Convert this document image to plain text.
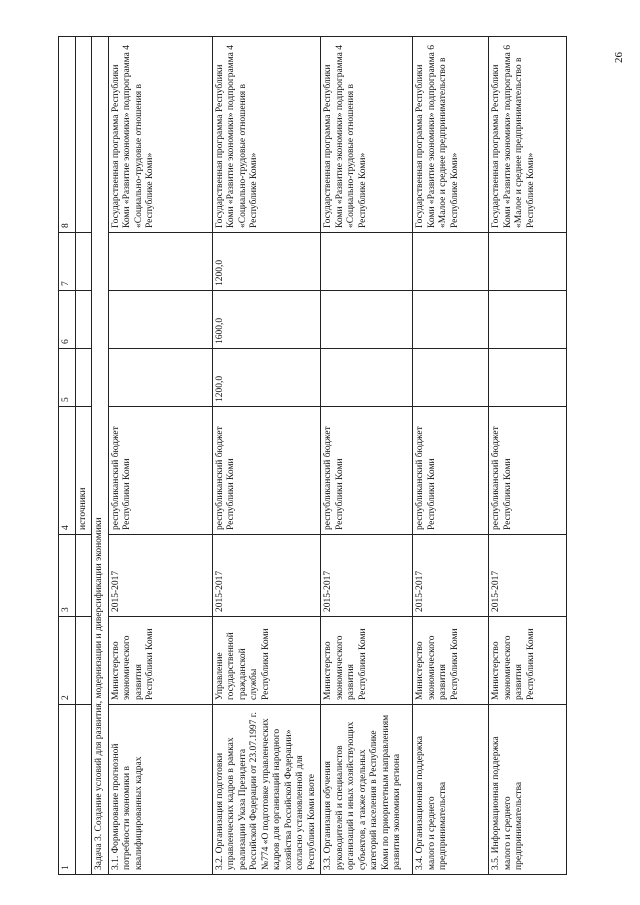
1	2	3	4	5	6	7	8
			источники				
Задача 3. Создание условий для развития, модернизации и диверсификации экономики							
3.1. Формирование прогнозной потребности экономики в квалифицированных кадрах	Министерство экономического развития Республики Коми	2015-2017	республиканский бюджет Республики Коми				Государственная программа Республики Коми «Развитие экономики» подпрограмма 4 «Социально-трудовые отношения в Республике Коми»
3.2. Организация подготовки управленческих кадров в рамках реализации Указа Президента Российской Федерации от 23.07.1997 г. №774 «О подготовке управленческих кадров для организаций народного хозяйства Российской Федерации» согласно установленной для Республики Коми квоте	Управление государственной гражданской службы Республики Коми	2015-2017	республиканский бюджет Республики Коми	1200,0	1600,0	1200,0	Государственная программа Республики Коми «Развитие экономики» подпрограмма 4 «Социально-трудовые отношения в Республике Коми»
3.3. Организация обучения руководителей и специалистов организаций и иных хозяйствующих субъектов, а также отдельных категорий населения в Республике Коми по приоритетным направлениям развития экономики региона	Министерство экономического развития Республики Коми	2015-2017	республиканский бюджет Республики Коми				Государственная программа Республики Коми «Развитие экономики» подпрограмма 4 «Социально-трудовые отношения в Республике Коми»
3.4. Организационная поддержка малого и среднего предпринимательства	Министерство экономического развития Республики Коми	2015-2017	республиканский бюджет Республики Коми				Государственная программа Республики Коми «Развитие экономики» подпрограмма 6 «Малое и среднее предпринимательство в Республике Коми»
3.5. Информационная поддержка малого и среднего предпринимательства	Министерство экономического развития Республики Коми	2015-2017	республиканский бюджет Республики Коми				Государственная программа Республики Коми «Развитие экономики» подпрограмма 6 «Малое и среднее предпринимательство в Республике Коми»
26
